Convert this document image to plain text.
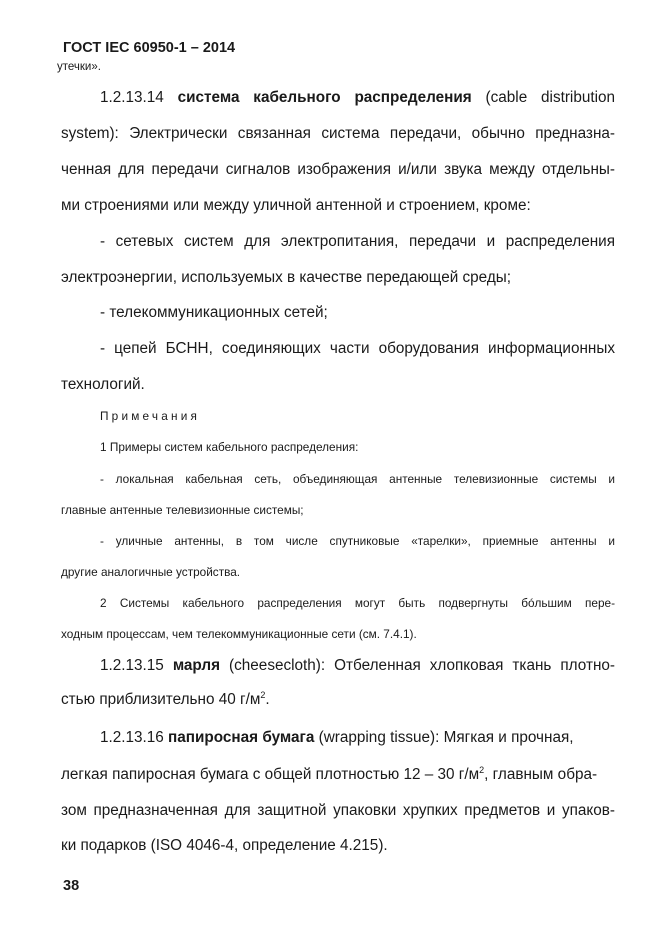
ГОСТ IEC 60950-1 – 2014
утечки».
1.2.13.14 система кабельного распределения (cable distribution
system): Электрически связанная система передачи, обычно предназна-
ченная для передачи сигналов изображения и/или звука между отдельны-
ми строениями или между уличной антенной и строением, кроме:
- сетевых систем для электропитания, передачи и распределения
электроэнергии, используемых в качестве передающей среды;
- телекоммуникационных сетей;
- цепей БСНН, соединяющих части оборудования информационных
технологий.
Примечания
1 Примеры систем кабельного распределения:
- локальная кабельная сеть, объединяющая антенные телевизионные системы и
главные антенные телевизионные системы;
- уличные антенны, в том числе спутниковые «тарелки», приемные антенны и
другие аналогичные устройства.
2 Системы кабельного распределения могут быть подвергнуты бóльшим пере-
ходным процессам, чем телекоммуникационные сети (см. 7.4.1).
1.2.13.15 марля (cheesecloth): Отбеленная хлопковая ткань плотно-
стью приблизительно 40 $г/м^2$.
1.2.13.16 папиросная бумага (wrapping tissue): Мягкая и прочная,
легкая папиросная бумага с общей плотностью 12 – 30 $г/м^2$, главным обра-
зом предназначенная для защитной упаковки хрупких предметов и упаков-
ки подарков (ISO 4046-4, определение 4.215).
38
